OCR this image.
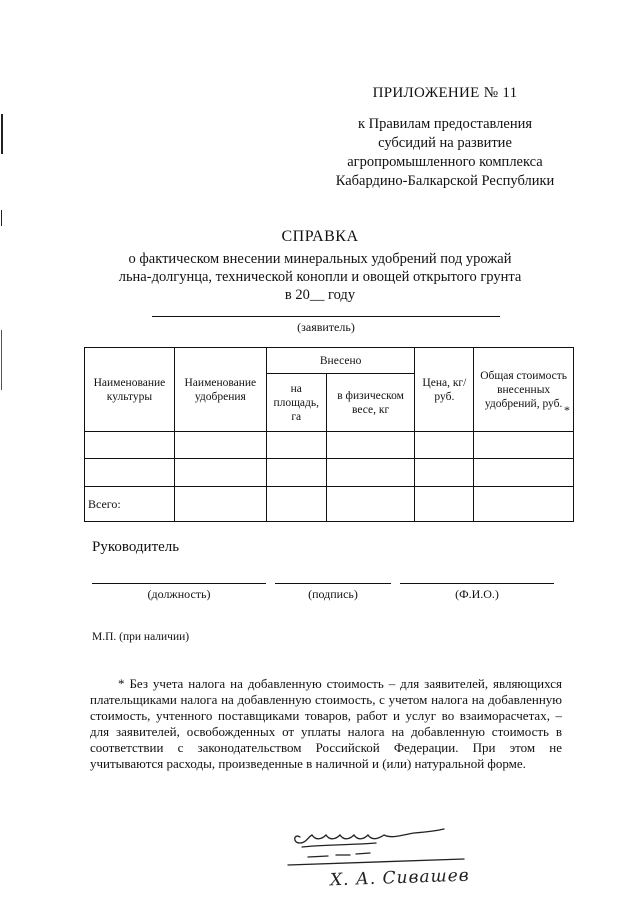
ПРИЛОЖЕНИЕ № 11
к Правилам предоставления
субсидий на развитие
агропромышленного комплекса
Кабардино-Балкарской Республики
СПРАВКА
о фактическом внесении минеральных удобрений под урожай
льна-долгунца, технической конопли и овощей открытого грунта
в 20__ году
(заявитель)
Наименование культуры	Наименование удобрения	Внесено		Цена, кг/руб.	Общая стоимость внесенных удобрений, руб.
		на площадь, га	в физическом весе, кг		

Всего:					
*
Руководитель
(должность)	(подпись)	(Ф.И.О.)
М.П. (при наличии)
* Без учета налога на добавленную стоимость – для заявителей, являющихся плательщиками налога на добавленную стоимость, с учетом налога на добавленную стоимость, учтенного поставщиками товаров, работ и услуг во взаиморасчетах, – для заявителей, освобожденных от уплаты налога на добавленную стоимость в соответствии с законодательством Российской Федерации. При этом не учитываются расходы, произведенные в наличной и (или) натуральной форме.
Х. А. Сивашев
